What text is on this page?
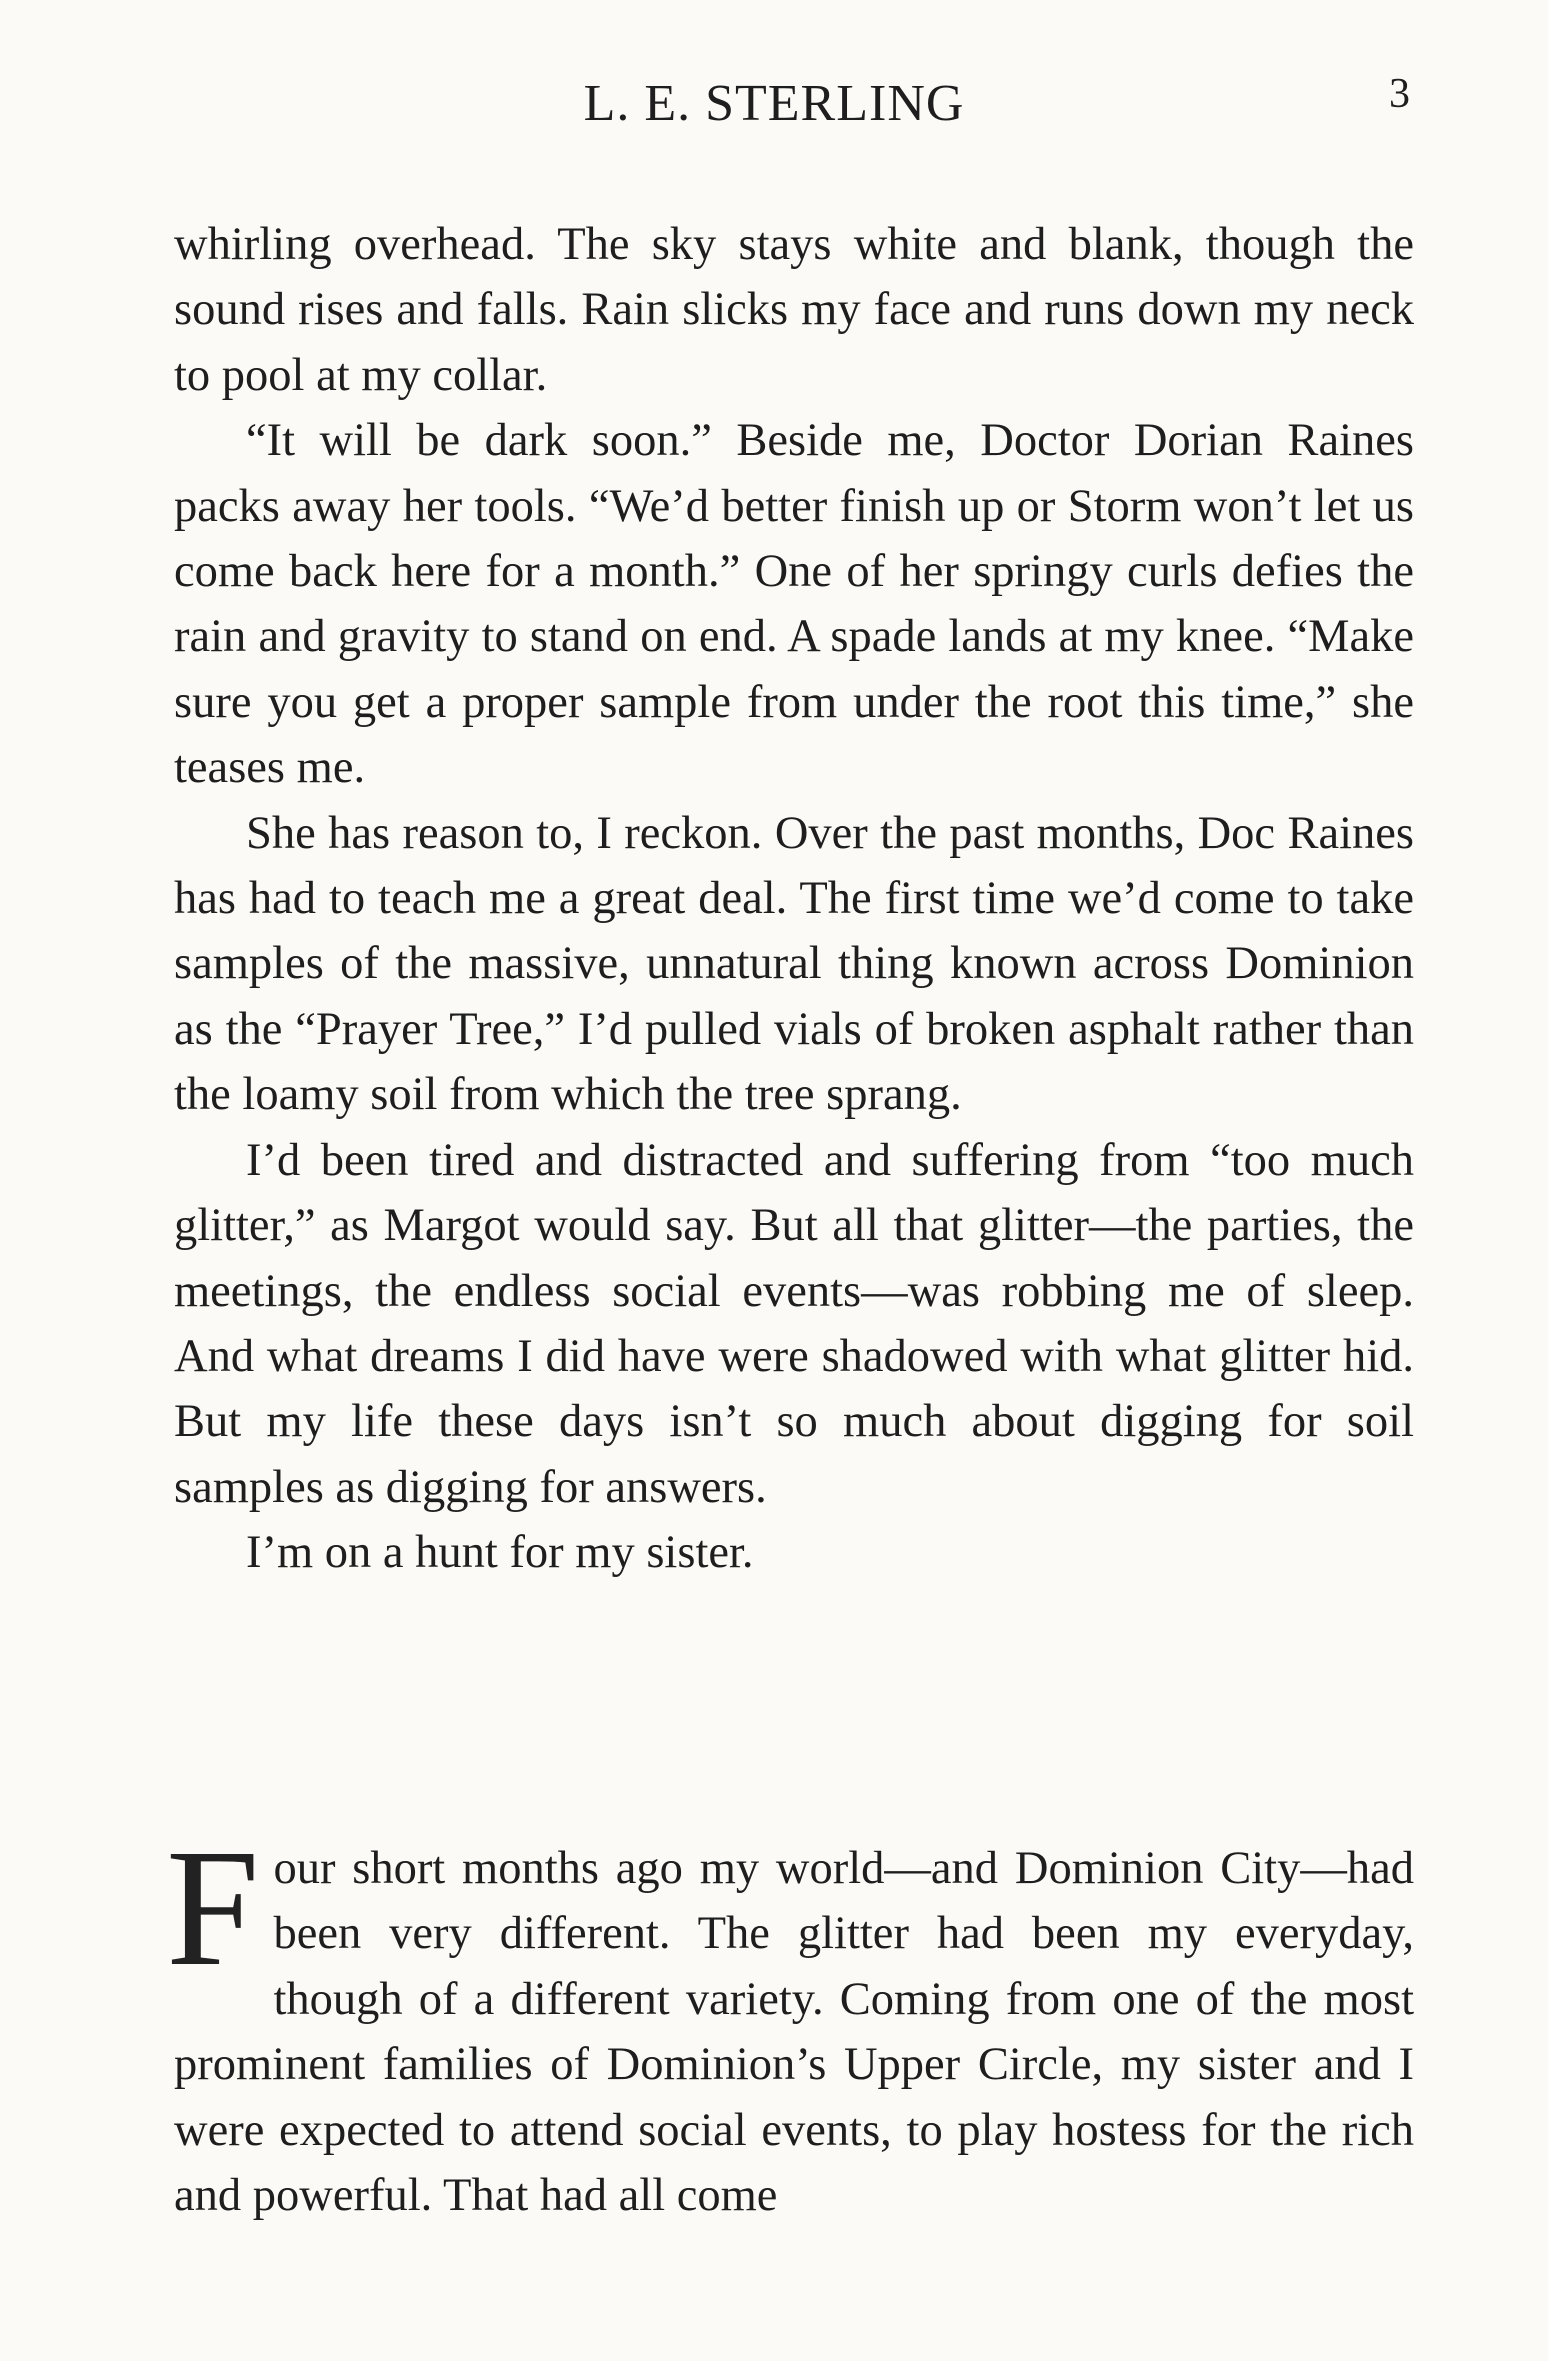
L. E. STERLING	3

whirling overhead. The sky stays white and blank, though the sound rises and falls. Rain slicks my face and runs down my neck to pool at my collar.

“It will be dark soon.” Beside me, Doctor Dorian Raines packs away her tools. “We’d better finish up or Storm won’t let us come back here for a month.” One of her springy curls defies the rain and gravity to stand on end. A spade lands at my knee. “Make sure you get a proper sample from under the root this time,” she teases me.

She has reason to, I reckon. Over the past months, Doc Raines has had to teach me a great deal. The first time we’d come to take samples of the massive, unnatural thing known across Dominion as the “Prayer Tree,” I’d pulled vials of broken asphalt rather than the loamy soil from which the tree sprang.

I’d been tired and distracted and suffering from “too much glitter,” as Margot would say. But all that glitter—the parties, the meetings, the endless social events—was robbing me of sleep. And what dreams I did have were shadowed with what glitter hid. But my life these days isn’t so much about digging for soil samples as digging for answers.

I’m on a hunt for my sister.

F our short months ago my world—and Dominion City—had been very different. The glitter had been my everyday, though of a different variety. Coming from one of the most prominent families of Dominion’s Upper Circle, my sister and I were expected to attend social events, to play hostess for the rich and powerful. That had all come
